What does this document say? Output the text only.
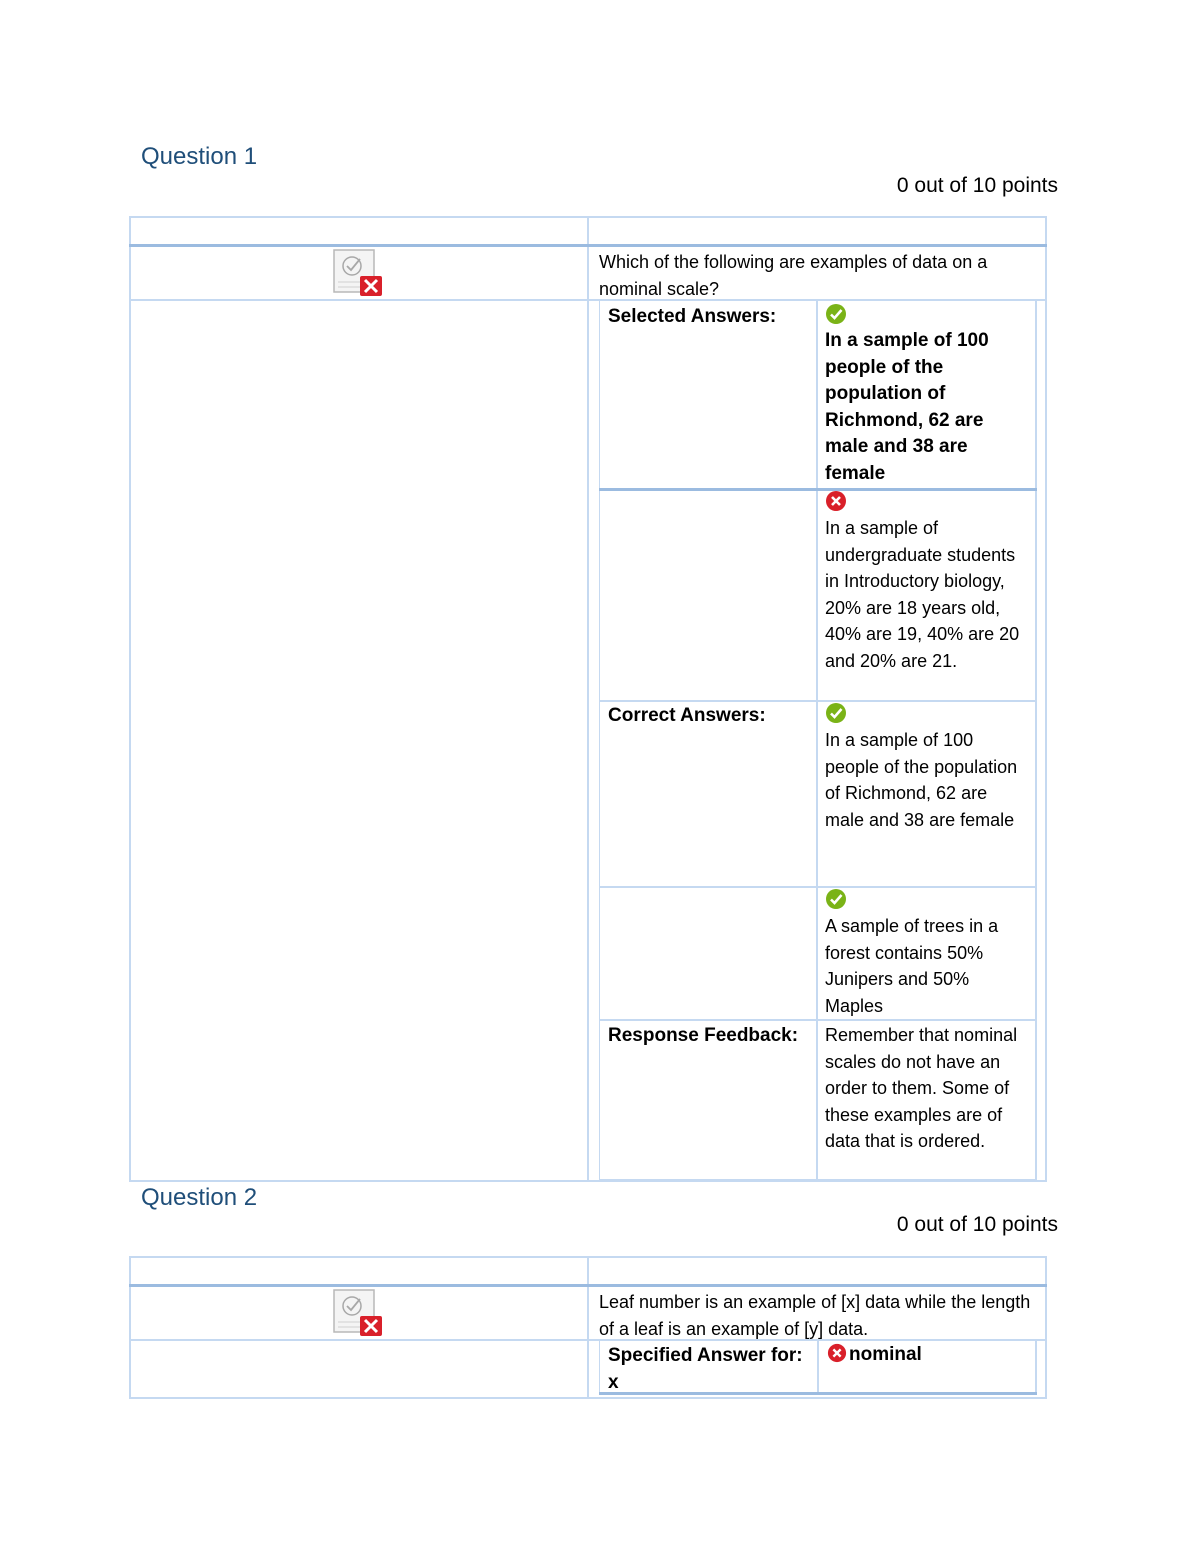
Question 1
0 out of 10 points
Which of the following are examples of data on a nominal scale?
Selected Answers:
In a sample of 100 people of the population of Richmond, 62 are male and 38 are female
In a sample of undergraduate students in Introductory biology, 20% are 18 years old, 40% are 19, 40% are 20 and 20% are 21.
Correct Answers:
In a sample of 100 people of the population of Richmond, 62 are male and 38 are female
A sample of trees in a forest contains 50% Junipers and 50% Maples
Response Feedback: Remember that nominal scales do not have an order to them. Some of these examples are of data that is ordered.
Question 2
0 out of 10 points
Leaf number is an example of [x] data while the length of a leaf is an example of [y] data.
Specified Answer for: x
nominal
